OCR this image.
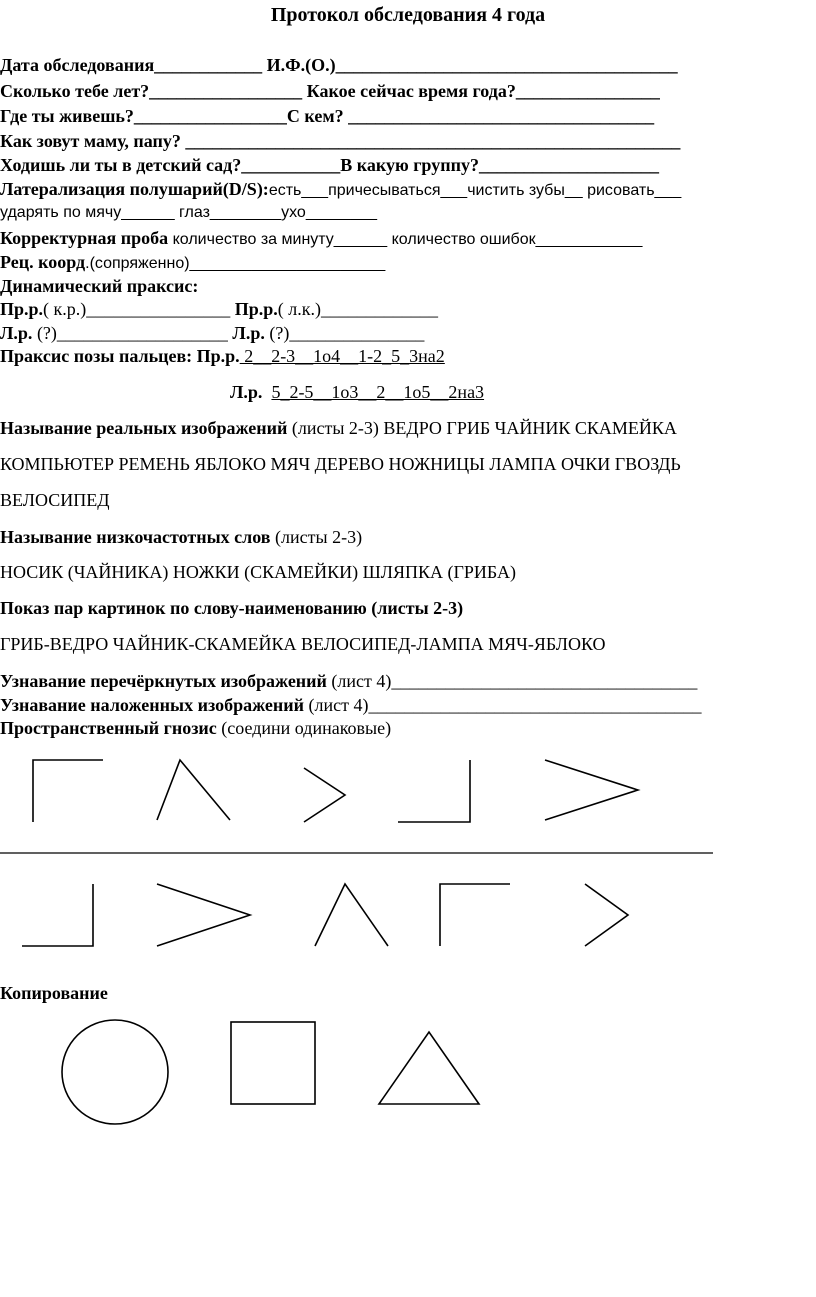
Протокол обследования 4 года
Дата обследования____________ И.Ф.(О.)______________________________________
Сколько тебе лет?_________________ Какое сейчас время года?________________
Где ты живешь?_________________С кем? __________________________________
Как зовут маму, папу? _______________________________________________________
Ходишь ли ты в детский сад?___________В какую группу?____________________
Латерализация полушарий(D/S):есть___причесываться___чистить зубы__ рисовать___
ударять по мячу______ глаз________ухо________
Корректурная проба количество за минуту______ количество ошибок____________
Рец. коорд.(сопряженно)______________________
Динамический праксис:
Пр.р.( к.р.)________________ Пр.р.( л.к.)_____________
Л.р. (?)___________________ Л.р. (?)_______________
Праксис позы пальцев: Пр.р. 2__2-3__1о4__1-2_5_3на2
Л.р. 5_2-5__1о3__2__1о5__2на3
Называние реальных изображений (листы 2-3) ВЕДРО ГРИБ ЧАЙНИК СКАМЕЙКА
КОМПЬЮТЕР РЕМЕНЬ ЯБЛОКО МЯЧ ДЕРЕВО НОЖНИЦЫ ЛАМПА ОЧКИ ГВОЗДЬ
ВЕЛОСИПЕД
Называние низкочастотных слов (листы 2-3)
НОСИК (ЧАЙНИКА) НОЖКИ (СКАМЕЙКИ) ШЛЯПКА (ГРИБА)
Показ пар картинок по слову-наименованию (листы 2-3)
ГРИБ-ВЕДРО ЧАЙНИК-СКАМЕЙКА ВЕЛОСИПЕД-ЛАМПА МЯЧ-ЯБЛОКО
Узнавание перечёркнутых изображений (лист 4)__________________________________
Узнавание наложенных изображений (лист 4)_____________________________________
Пространственный гнозис (соедини одинаковые)
Копирование
